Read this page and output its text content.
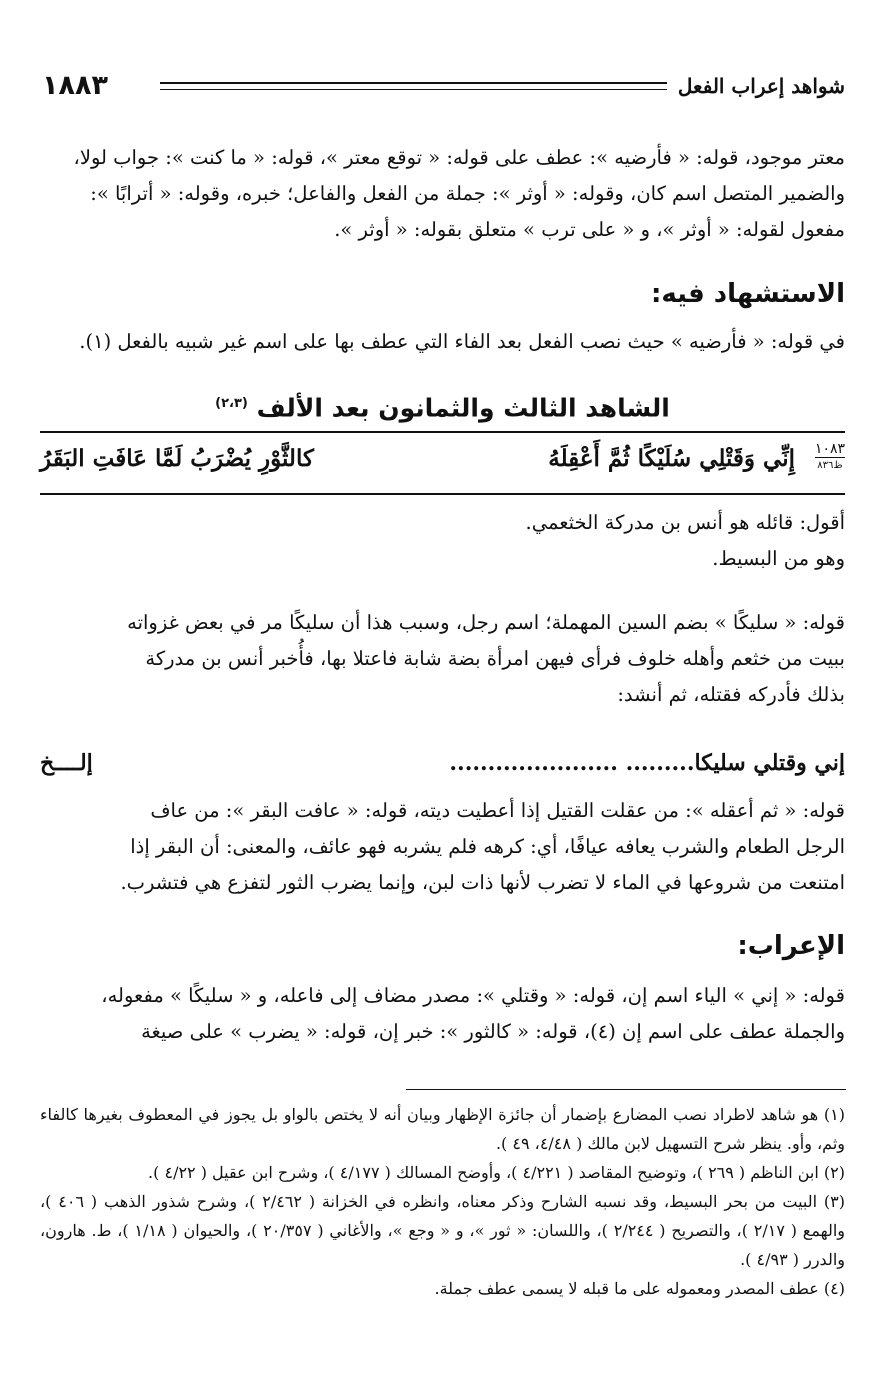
١٨٨٣	شواهد إعراب الفعل

معتر موجود، قوله: « فأرضيه »: عطف على قوله: « توقع معتر »، قوله: « ما كنت »: جواب لولا،

والضمير المتصل اسم كان، وقوله: « أوثر »: جملة من الفعل والفاعل؛ خبره، وقوله: « أترابًا »:

مفعول لقوله: « أوثر »، و « على ترب » متعلق بقوله: « أوثر ».

الاستشهاد فيه:

في قوله: « فأرضيه » حيث نصب الفعل بعد الفاء التي عطف بها على اسم غير شبيه بالفعل (١).

الشاهد الثالث والثمانون بعد الألف $^{(٢،٣)}$

١٠٨٣
ظ٨٣٦
إِنِّي وَقَتْلِي سُلَيْكًا ثُمَّ أَعْقِلَهُ
كالثَّوْرِ يُضْرَبُ لَمَّا عَافَتِ البَقَرُ

أقول: قائله هو أنس بن مدركة الخثعمي.

وهو من البسيط.

قوله: « سليكًا » بضم السين المهملة؛ اسم رجل، وسبب هذا أن سليكًا مر في بعض غزواته

ببيت من خثعم وأهله خلوف فرأى فيهن امرأة بضة شابة فاعتلا بها، فأُخبر أنس بن مدركة

بذلك فأدركه فقتله، ثم أنشد:

إني وقتلي سليكا......... ......................
إلــــخ

قوله: « ثم أعقله »: من عقلت القتيل إذا أعطيت ديته، قوله: « عافت البقر »: من عاف

الرجل الطعام والشرب يعافه عيافًا، أي: كرهه فلم يشربه فهو عائف، والمعنى: أن البقر إذا

امتنعت من شروعها في الماء لا تضرب لأنها ذات لبن، وإنما يضرب الثور لتفزع هي فتشرب.

الإعراب:

قوله: « إني » الياء اسم إن، قوله: « وقتلي »: مصدر مضاف إلى فاعله، و « سليكًا » مفعوله،

والجملة عطف على اسم إن (٤)، قوله: « كالثور »: خبر إن، قوله: « يضرب » على صيغة

(١) هو شاهد لاطراد نصب المضارع بإضمار أن جائزة الإظهار وبيان أنه لا يختص بالواو بل يجوز في المعطوف بغيرها كالفاء وثم، وأو. ينظر شرح التسهيل لابن مالك ( ٤/٤٨، ٤٩ ).

(٢) ابن الناظم ( ٢٦٩ )، وتوضيح المقاصد ( ٤/٢٢١ )، وأوضح المسالك ( ٤/١٧٧ )، وشرح ابن عقيل ( ٤/٢٢ ).

(٣) البيت من بحر البسيط، وقد نسبه الشارح وذكر معناه، وانظره في الخزانة ( ٢/٤٦٢ )، وشرح شذور الذهب ( ٤٠٦ )، والهمع ( ٢/١٧ )، والتصريح ( ٢/٢٤٤ )، واللسان: « ثور »، و « وجع »، والأغاني ( ٢٠/٣٥٧ )، والحيوان ( ١/١٨ )، ط. هارون، والدرر ( ٤/٩٣ ).

(٤) عطف المصدر ومعموله على ما قبله لا يسمى عطف جملة.
